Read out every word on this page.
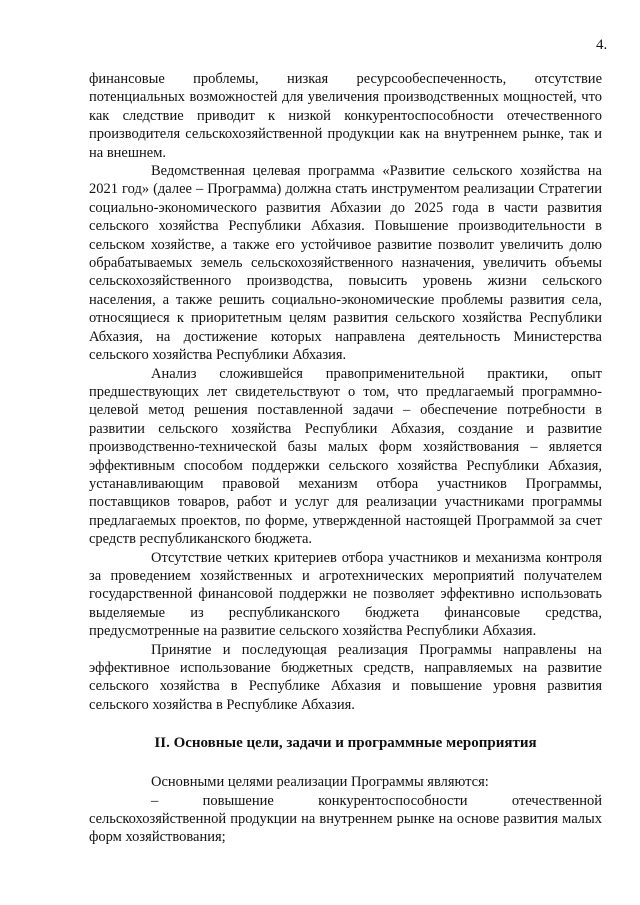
4.

финансовые проблемы, низкая ресурсообеспеченность, отсутствие потенциальных возможностей для увеличения производственных мощностей, что как следствие приводит к низкой конкурентоспособности отечественного производителя сельскохозяйственной продукции как на внутреннем рынке, так и на внешнем.

Ведомственная целевая программа «Развитие сельского хозяйства на 2021 год» (далее – Программа) должна стать инструментом реализации Стратегии социально-экономического развития Абхазии до 2025 года в части развития сельского хозяйства Республики Абхазия. Повышение производительности в сельском хозяйстве, а также его устойчивое развитие позволит увеличить долю обрабатываемых земель сельскохозяйственного назначения, увеличить объемы сельскохозяйственного производства, повысить уровень жизни сельского населения, а также решить социально-экономические проблемы развития села, относящиеся к приоритетным целям развития сельского хозяйства Республики Абхазия, на достижение которых направлена деятельность Министерства сельского хозяйства Республики Абхазия.

Анализ сложившейся правоприменительной практики, опыт предшествующих лет свидетельствуют о том, что предлагаемый программно-целевой метод решения поставленной задачи – обеспечение потребности в развитии сельского хозяйства Республики Абхазия, создание и развитие производственно-технической базы малых форм хозяйствования – является эффективным способом поддержки сельского хозяйства Республики Абхазия, устанавливающим правовой механизм отбора участников Программы, поставщиков товаров, работ и услуг для реализации участниками программы предлагаемых проектов, по форме, утвержденной настоящей Программой за счет средств республиканского бюджета.

Отсутствие четких критериев отбора участников и механизма контроля за проведением хозяйственных и агротехнических мероприятий получателем государственной финансовой поддержки не позволяет эффективно использовать выделяемые из республиканского бюджета финансовые средства, предусмотренные на развитие сельского хозяйства Республики Абхазия.

Принятие и последующая реализация Программы направлены на эффективное использование бюджетных средств, направляемых на развитие сельского хозяйства в Республике Абхазия и повышение уровня развития сельского хозяйства в Республике Абхазия.

II. Основные цели, задачи и программные мероприятия

Основными целями реализации Программы являются:

– повышение конкурентоспособности отечественной сельскохозяйственной продукции на внутреннем рынке на основе развития малых форм хозяйствования;
